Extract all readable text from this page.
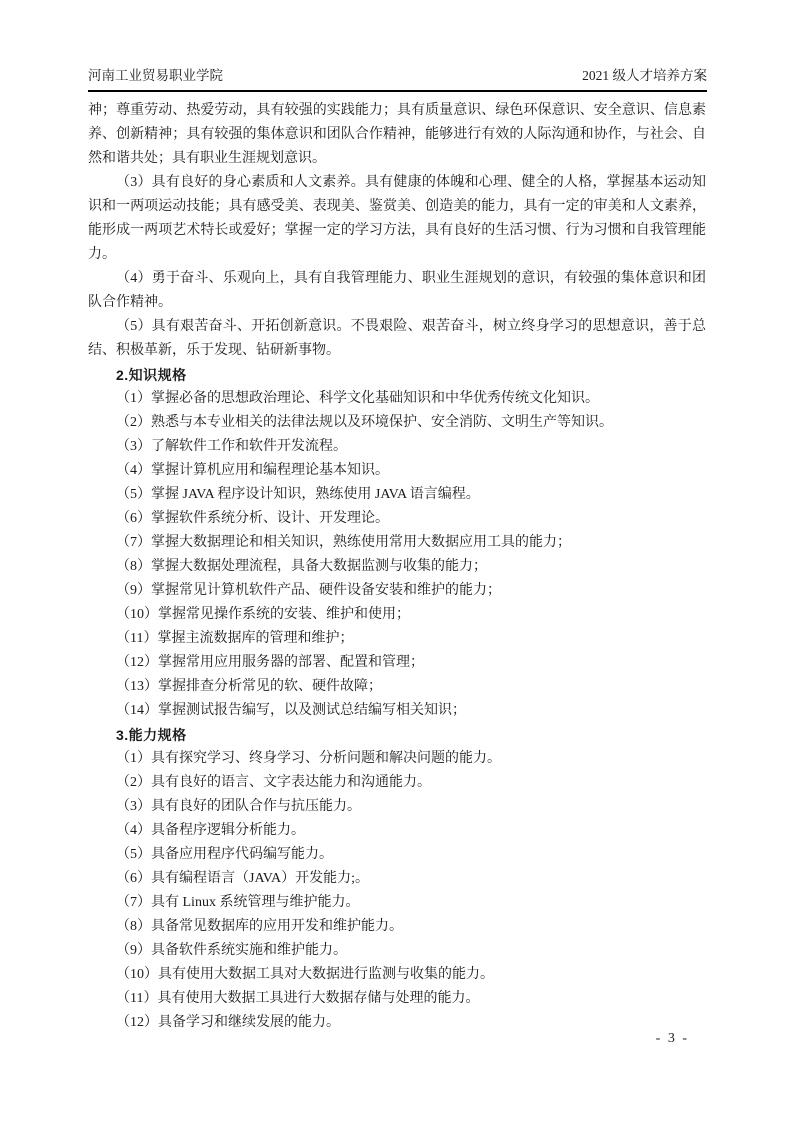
河南工业贸易职业学院	2021 级人才培养方案

神；尊重劳动、热爱劳动，具有较强的实践能力；具有质量意识、绿色环保意识、安全意识、信息素养、创新精神；具有较强的集体意识和团队合作精神，能够进行有效的人际沟通和协作，与社会、自然和谐共处；具有职业生涯规划意识。

（3）具有良好的身心素质和人文素养。具有健康的体魄和心理、健全的人格，掌握基本运动知识和一两项运动技能；具有感受美、表现美、鉴赏美、创造美的能力，具有一定的审美和人文素养，能形成一两项艺术特长或爱好；掌握一定的学习方法，具有良好的生活习惯、行为习惯和自我管理能力。

（4）勇于奋斗、乐观向上，具有自我管理能力、职业生涯规划的意识，有较强的集体意识和团队合作精神。

（5）具有艰苦奋斗、开拓创新意识。不畏艰险、艰苦奋斗，树立终身学习的思想意识，善于总结、积极革新，乐于发现、钻研新事物。

2.知识规格

（1）掌握必备的思想政治理论、科学文化基础知识和中华优秀传统文化知识。

（2）熟悉与本专业相关的法律法规以及环境保护、安全消防、文明生产等知识。

（3）了解软件工作和软件开发流程。

（4）掌握计算机应用和编程理论基本知识。

（5）掌握 JAVA 程序设计知识，熟练使用 JAVA 语言编程。

（6）掌握软件系统分析、设计、开发理论。

（7）掌握大数据理论和相关知识，熟练使用常用大数据应用工具的能力；

（8）掌握大数据处理流程，具备大数据监测与收集的能力；

（9）掌握常见计算机软件产品、硬件设备安装和维护的能力；

（10）掌握常见操作系统的安装、维护和使用；

（11）掌握主流数据库的管理和维护；

（12）掌握常用应用服务器的部署、配置和管理；

（13）掌握排查分析常见的软、硬件故障；

（14）掌握测试报告编写，以及测试总结编写相关知识；

3.能力规格

（1）具有探究学习、终身学习、分析问题和解决问题的能力。

（2）具有良好的语言、文字表达能力和沟通能力。

（3）具有良好的团队合作与抗压能力。

（4）具备程序逻辑分析能力。

（5）具备应用程序代码编写能力。

（6）具有编程语言（JAVA）开发能力;。

（7）具有 Linux 系统管理与维护能力。

（8）具备常见数据库的应用开发和维护能力。

（9）具备软件系统实施和维护能力。

（10）具有使用大数据工具对大数据进行监测与收集的能力。

（11）具有使用大数据工具进行大数据存储与处理的能力。

（12）具备学习和继续发展的能力。

- 3 -
